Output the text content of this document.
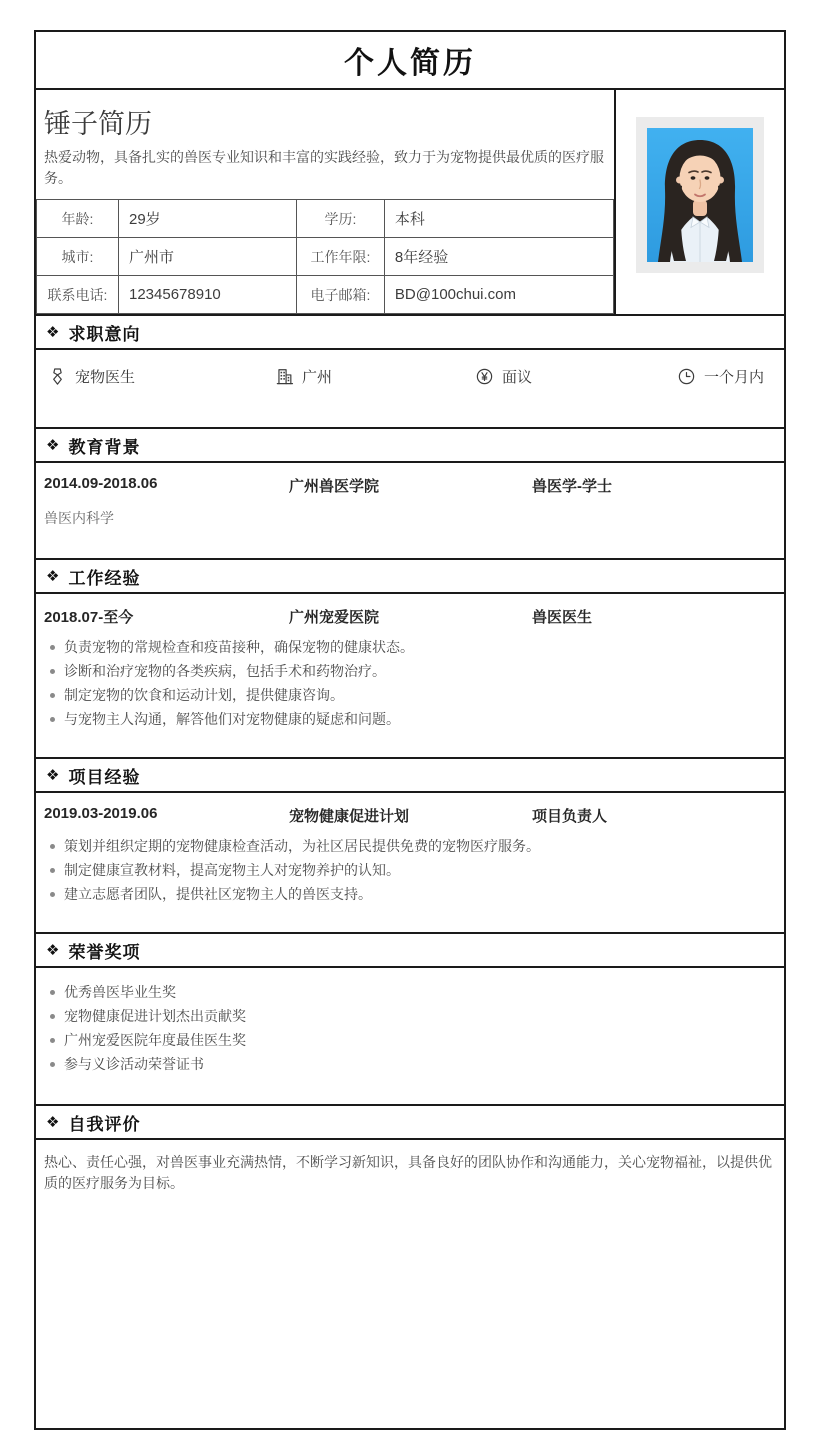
个人简历
锤子简历
热爱动物，具备扎实的兽医专业知识和丰富的实践经验，致力于为宠物提供最优质的医疗服务。
年龄:	29岁	学历:	本科
城市:	广州市	工作年限:	8年经验
联系电话:	12345678910	电子邮箱:	BD@100chui.com
❖ 求职意向
宠物医生	广州	面议	一个月内
❖ 教育背景
2014.09-2018.06	广州兽医学院	兽医学-学士
兽医内科学
❖ 工作经验
2018.07-至今	广州宠爱医院	兽医医生
负责宠物的常规检查和疫苗接种，确保宠物的健康状态。
诊断和治疗宠物的各类疾病，包括手术和药物治疗。
制定宠物的饮食和运动计划，提供健康咨询。
与宠物主人沟通，解答他们对宠物健康的疑虑和问题。
❖ 项目经验
2019.03-2019.06	宠物健康促进计划	项目负责人
策划并组织定期的宠物健康检查活动，为社区居民提供免费的宠物医疗服务。
制定健康宣教材料，提高宠物主人对宠物养护的认知。
建立志愿者团队，提供社区宠物主人的兽医支持。
❖ 荣誉奖项
优秀兽医毕业生奖
宠物健康促进计划杰出贡献奖
广州宠爱医院年度最佳医生奖
参与义诊活动荣誉证书
❖ 自我评价
热心、责任心强，对兽医事业充满热情，不断学习新知识，具备良好的团队协作和沟通能力，关心宠物福祉，以提供优质的医疗服务为目标。
